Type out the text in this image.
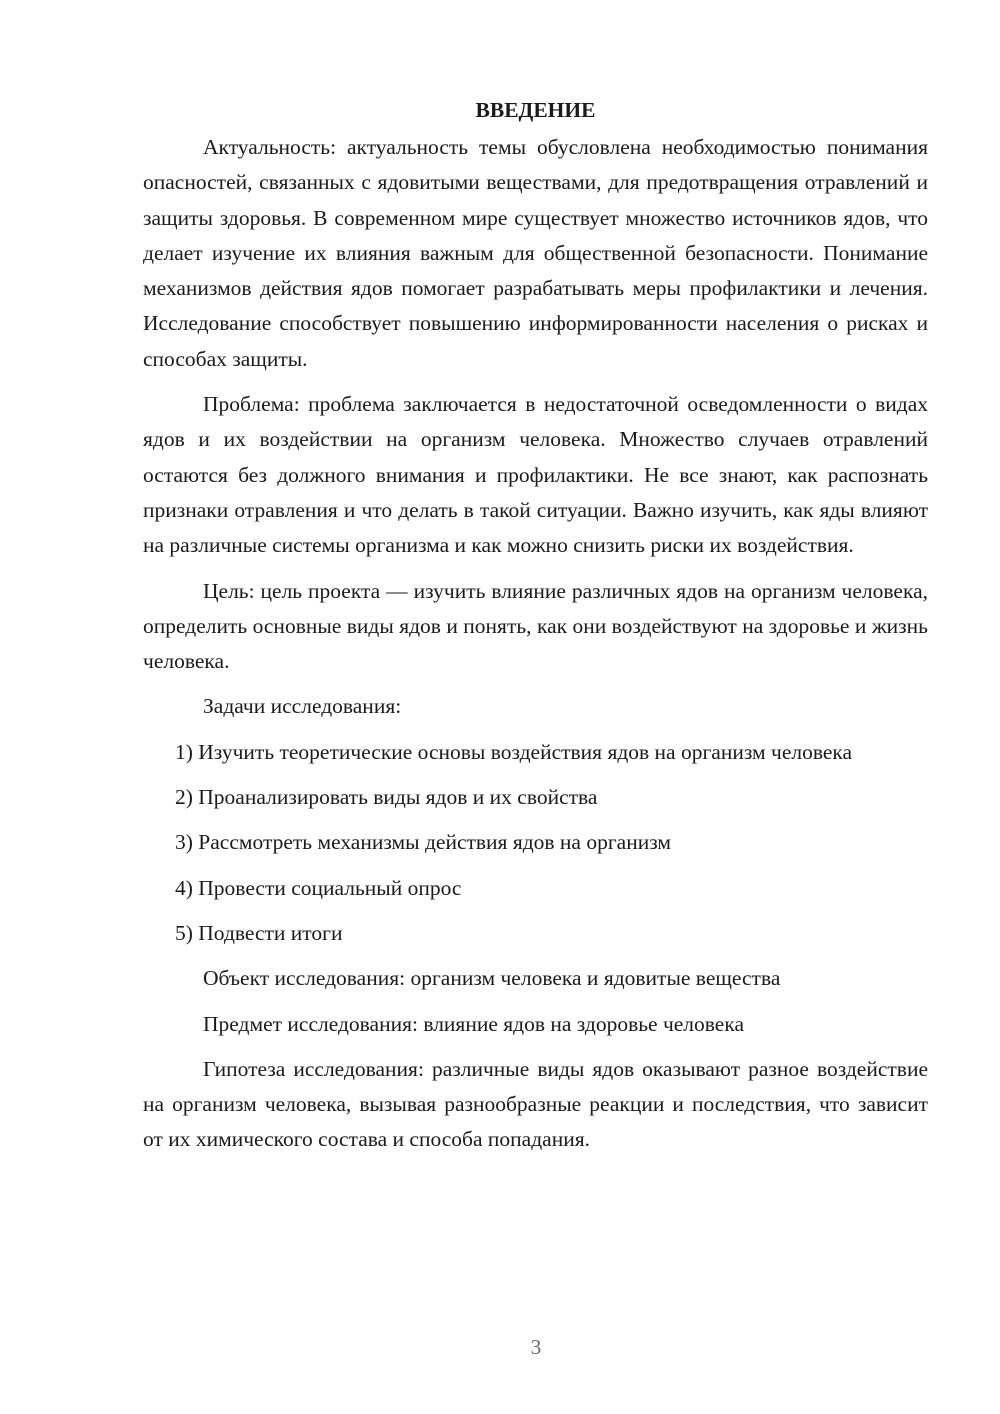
ВВЕДЕНИЕ

Актуальность: актуальность темы обусловлена необходимостью понимания опасностей, связанных с ядовитыми веществами, для предотвращения отравлений и защиты здоровья. В современном мире существует множество источников ядов, что делает изучение их влияния важным для общественной безопасности. Понимание механизмов действия ядов помогает разрабатывать меры профилактики и лечения. Исследование способствует повышению информированности населения о рисках и способах защиты.

Проблема: проблема заключается в недостаточной осведомленности о видах ядов и их воздействии на организм человека. Множество случаев отравлений остаются без должного внимания и профилактики. Не все знают, как распознать признаки отравления и что делать в такой ситуации. Важно изучить, как яды влияют на различные системы организма и как можно снизить риски их воздействия.

Цель: цель проекта — изучить влияние различных ядов на организм человека, определить основные виды ядов и понять, как они воздействуют на здоровье и жизнь человека.

Задачи исследования:

1) Изучить теоретические основы воздействия ядов на организм человека

2) Проанализировать виды ядов и их свойства

3) Рассмотреть механизмы действия ядов на организм

4) Провести социальный опрос

5) Подвести итоги

Объект исследования: организм человека и ядовитые вещества

Предмет исследования: влияние ядов на здоровье человека

Гипотеза исследования: различные виды ядов оказывают разное воздействие на организм человека, вызывая разнообразные реакции и последствия, что зависит от их химического состава и способа попадания.

3
